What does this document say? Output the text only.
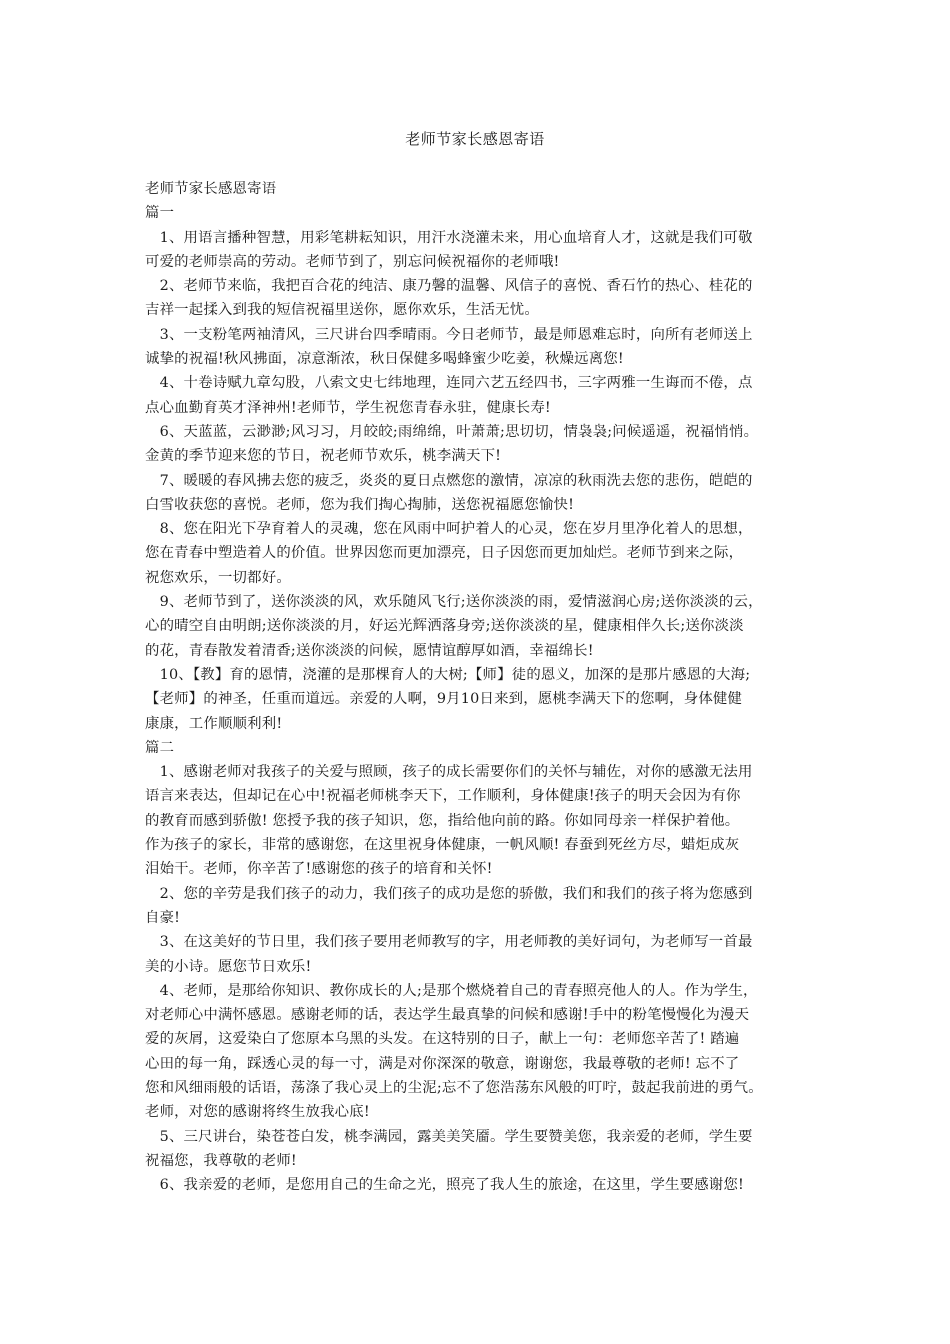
老师节家长感恩寄语
老师节家长感恩寄语
篇一
　1、用语言播种智慧，用彩笔耕耘知识，用汗水浇灌未来，用心血培育人才，这就是我们可敬
可爱的老师崇高的劳动。老师节到了，别忘问候祝福你的老师哦!
　2、老师节来临，我把百合花的纯洁、康乃馨的温馨、风信子的喜悦、香石竹的热心、桂花的
吉祥一起揉入到我的短信祝福里送你，愿你欢乐，生活无忧。
　3、一支粉笔两袖清风，三尺讲台四季晴雨。今日老师节，最是师恩难忘时，向所有老师送上
诚挚的祝福!秋风拂面，凉意渐浓，秋日保健多喝蜂蜜少吃姜，秋燥远离您!
　4、十卷诗赋九章勾股，八索文史七纬地理，连同六艺五经四书，三字两雅一生诲而不倦，点
点心血勤育英才泽神州!老师节，学生祝您青春永驻，健康长寿!
　6、天蓝蓝，云渺渺;风习习，月皎皎;雨绵绵，叶萧萧;思切切，情袅袅;问候遥遥，祝福悄悄。
金黄的季节迎来您的节日，祝老师节欢乐，桃李满天下!
　7、暖暖的春风拂去您的疲乏，炎炎的夏日点燃您的激情，凉凉的秋雨洗去您的悲伤，皑皑的
白雪收获您的喜悦。老师，您为我们掏心掏肺，送您祝福愿您愉快!
　8、您在阳光下孕育着人的灵魂，您在风雨中呵护着人的心灵，您在岁月里净化着人的思想，
您在青春中塑造着人的价值。世界因您而更加漂亮，日子因您而更加灿烂。老师节到来之际，
祝您欢乐，一切都好。
　9、老师节到了，送你淡淡的风，欢乐随风飞行;送你淡淡的雨，爱情滋润心房;送你淡淡的云，
心的晴空自由明朗;送你淡淡的月，好运光辉洒落身旁;送你淡淡的星，健康相伴久长;送你淡淡
的花，青春散发着清香;送你淡淡的问候，愿情谊醇厚如酒，幸福绵长!
　10、【教】育的恩情，浇灌的是那棵育人的大树;【师】徒的恩义，加深的是那片感恩的大海;
【老师】的神圣，任重而道远。亲爱的人啊，9月10日来到，愿桃李满天下的您啊，身体健健
康康，工作顺顺利利!
篇二
　1、感谢老师对我孩子的关爱与照顾，孩子的成长需要你们的关怀与辅佐，对你的感激无法用
语言来表达，但却记在心中!祝福老师桃李天下，工作顺利，身体健康!孩子的明天会因为有你
的教育而感到骄傲! 您授予我的孩子知识，您，指给他向前的路。你如同母亲一样保护着他。
作为孩子的家长，非常的感谢您，在这里祝身体健康，一帆风顺! 春蚕到死丝方尽，蜡炬成灰
泪始干。老师，你辛苦了!感谢您的孩子的培育和关怀!
　2、您的辛劳是我们孩子的动力，我们孩子的成功是您的骄傲，我们和我们的孩子将为您感到
自豪!
　3、在这美好的节日里，我们孩子要用老师教写的字，用老师教的美好词句，为老师写一首最
美的小诗。愿您节日欢乐!
　4、老师，是那给你知识、教你成长的人;是那个燃烧着自己的青春照亮他人的人。作为学生，
对老师心中满怀感恩。感谢老师的话，表达学生最真挚的问候和感谢!手中的粉笔慢慢化为漫天
爱的灰屑，这爱染白了您原本乌黑的头发。在这特别的日子，献上一句：老师您辛苦了! 踏遍
心田的每一角，踩透心灵的每一寸，满是对你深深的敬意，谢谢您，我最尊敬的老师! 忘不了
您和风细雨般的话语，荡涤了我心灵上的尘泥;忘不了您浩荡东风般的叮咛，鼓起我前进的勇气。
老师，对您的感谢将终生放我心底!
　5、三尺讲台，染苍苍白发，桃李满园，露美美笑靥。学生要赞美您，我亲爱的老师，学生要
祝福您，我尊敬的老师!
　6、我亲爱的老师，是您用自己的生命之光，照亮了我人生的旅途，在这里，学生要感谢您!
